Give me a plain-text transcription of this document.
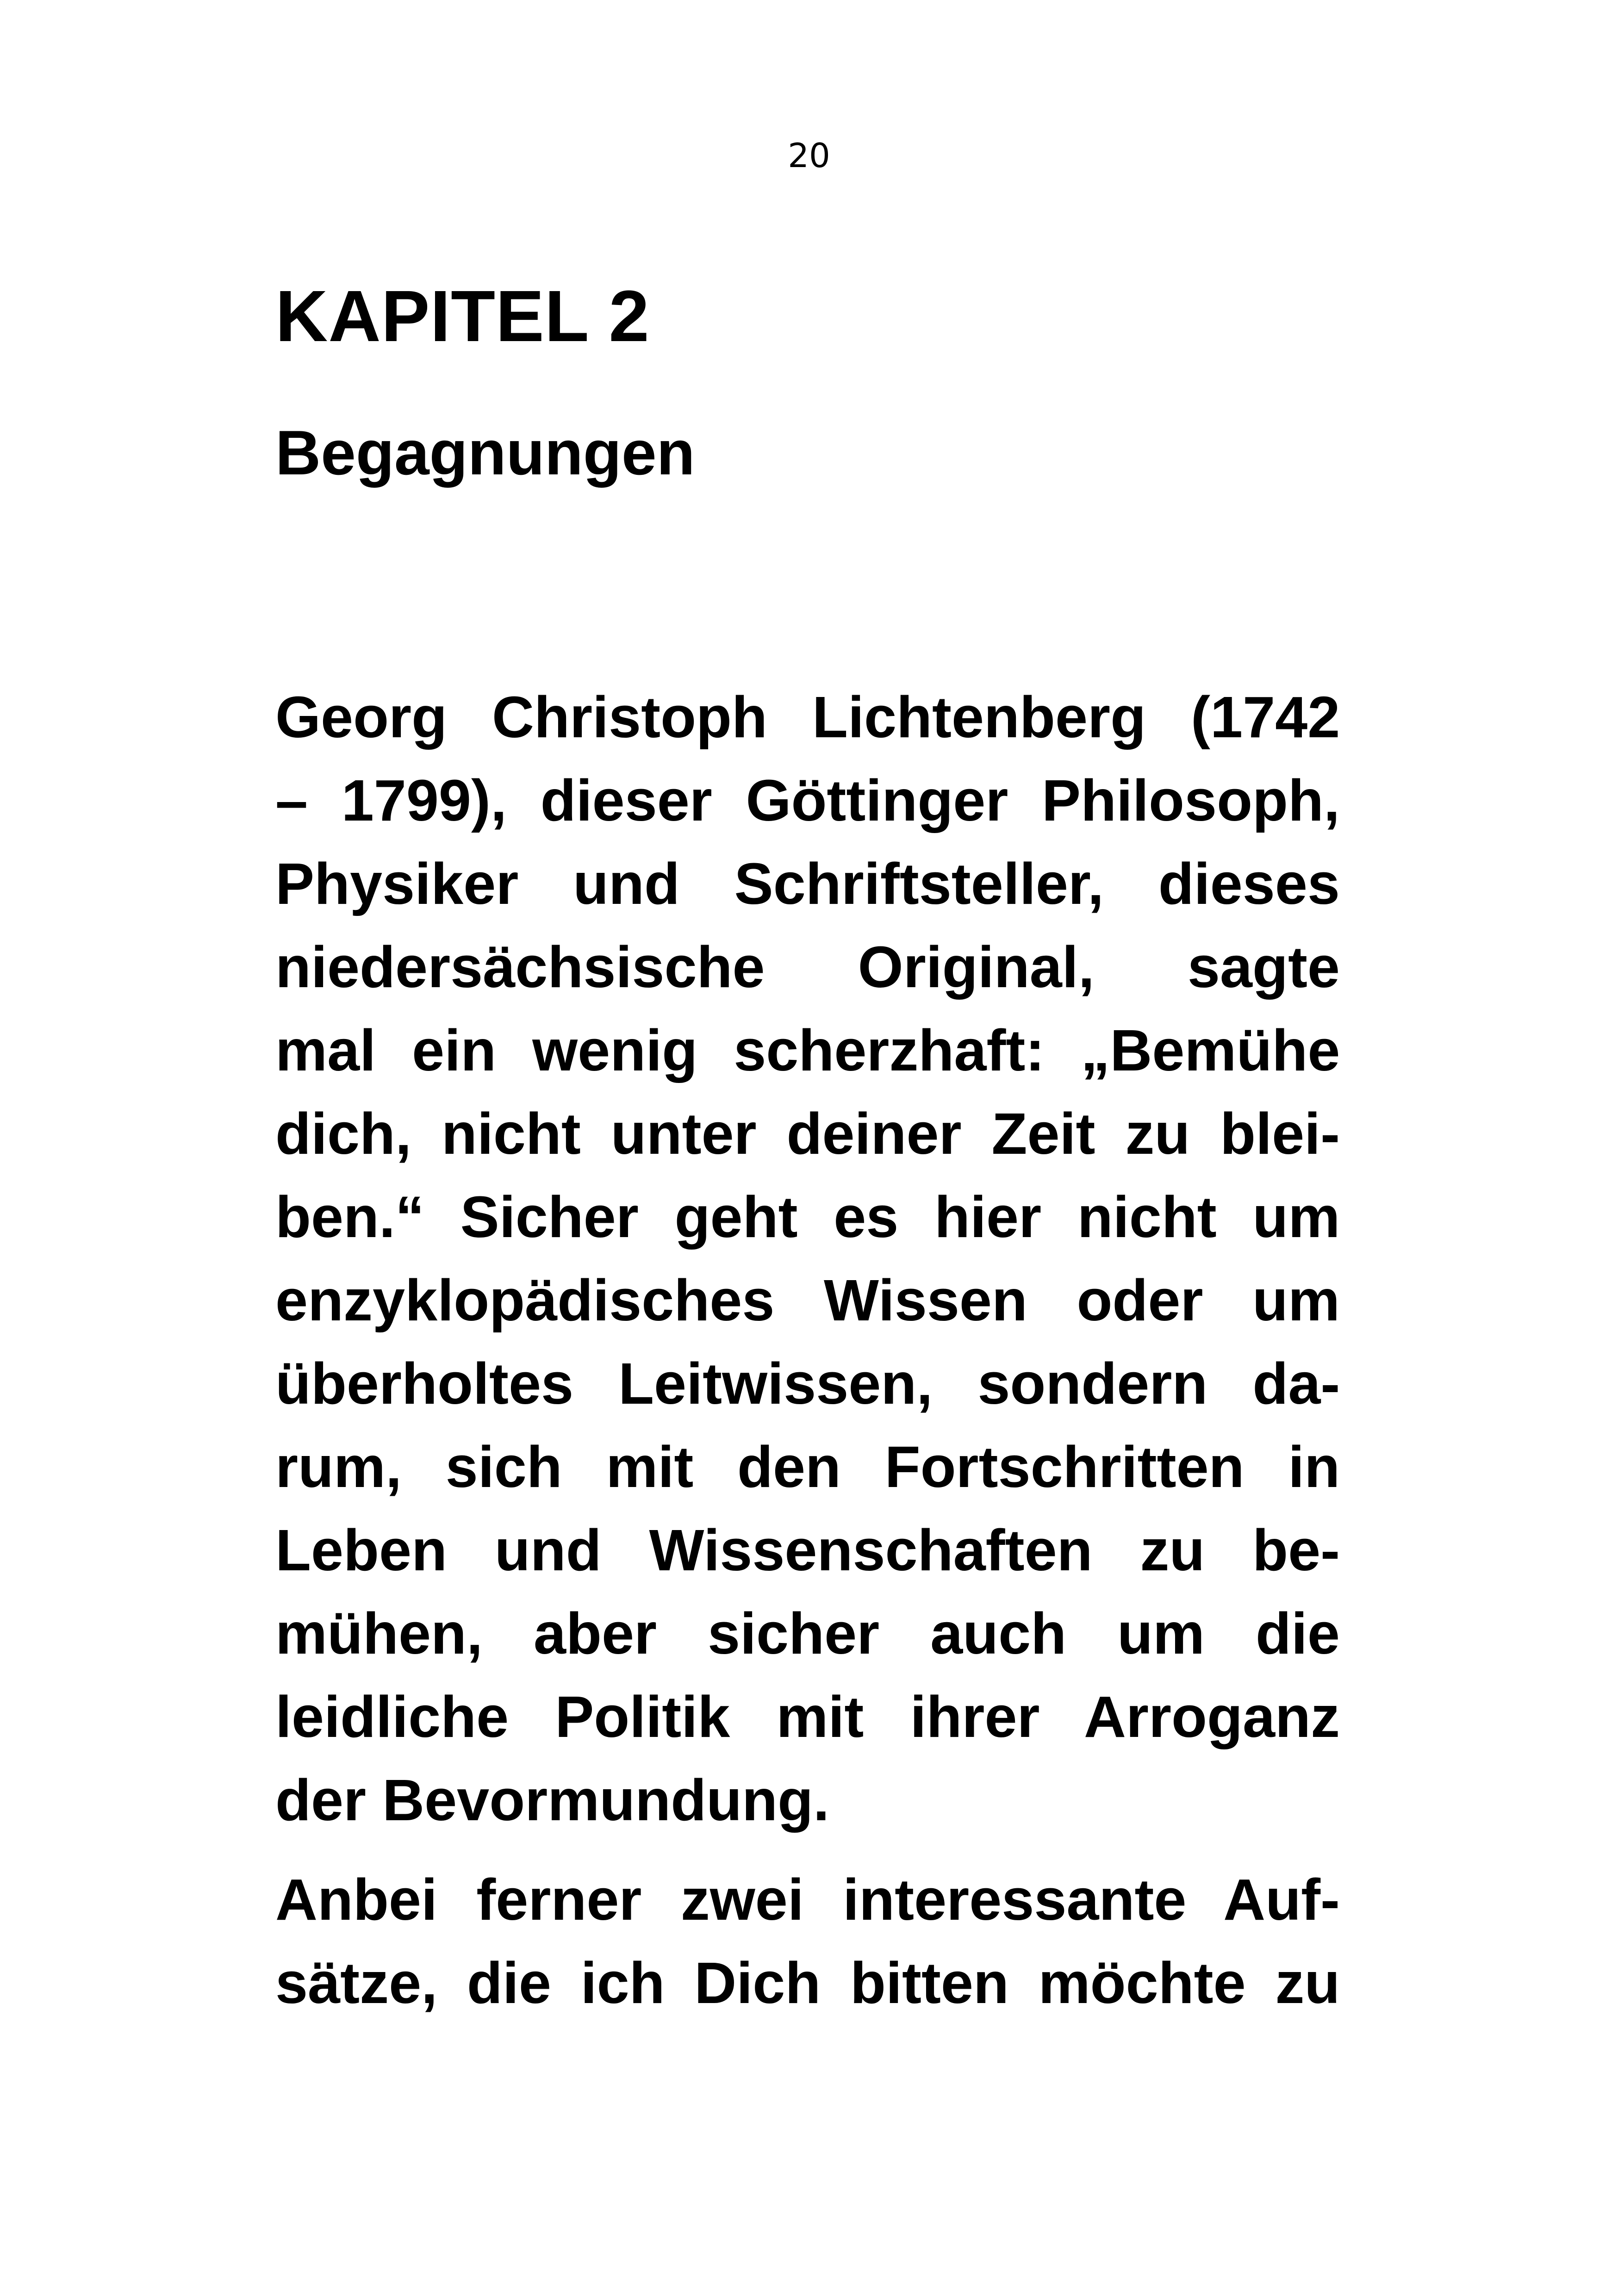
20
KAPITEL 2
Begagnungen
Georg Christoph Lichtenberg (1742
– 1799), dieser Göttinger Philosoph,
Physiker und Schriftsteller, dieses
niedersächsische Original, sagte
mal ein wenig scherzhaft: „Bemühe
dich, nicht unter deiner Zeit zu blei-
ben.“ Sicher geht es hier nicht um
enzyklopädisches Wissen oder um
überholtes Leitwissen, sondern da-
rum, sich mit den Fortschritten in
Leben und Wissenschaften zu be-
mühen, aber sicher auch um die
leidliche Politik mit ihrer Arroganz
der Bevormundung.
Anbei ferner zwei interessante Auf-
sätze, die ich Dich bitten möchte zu
